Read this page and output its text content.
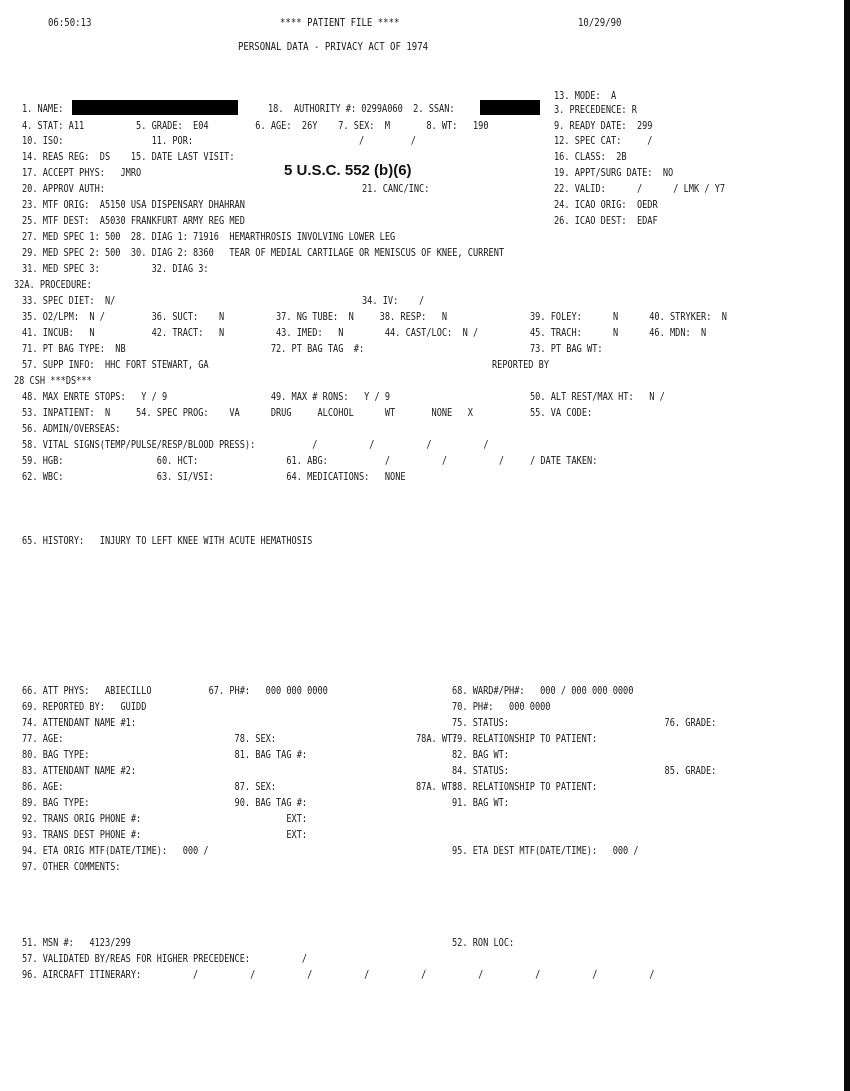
06:50:13	**** PATIENT FILE ****	10/29/90
PERSONAL DATA - PRIVACY ACT OF 1974
13. MODE:  A
1. NAME:	18.  AUTHORITY #: 0299A060  2. SSAN:	3. PRECEDENCE: R
4. STAT: A11          5. GRADE:  E04         6. AGE:  26Y    7. SEX:  M       8. WT:   190	9. READY DATE:  299
10. ISO:                 11. POR:                                /         /	12. SPEC CAT:     /
14. REAS REG:  DS    15. DATE LAST VISIT:	16. CLASS:  2B
17. ACCEPT PHYS:   JMRO	5 U.S.C. 552 (b)(6)	19. APPT/SURG DATE:  NO
20. APPROV AUTH:	21. CANC/INC:	22. VALID:      /      / LMK / Y7
23. MTF ORIG:  A5150 USA DISPENSARY DHAHRAN	24. ICAO ORIG:  OEDR
25. MTF DEST:  A5030 FRANKFURT ARMY REG MED	26. ICAO DEST:  EDAF
27. MED SPEC 1: 500  28. DIAG 1: 71916  HEMARTHROSIS INVOLVING LOWER LEG
29. MED SPEC 2: 500  30. DIAG 2: 8360   TEAR OF MEDIAL CARTILAGE OR MENISCUS OF KNEE, CURRENT
31. MED SPEC 3:          32. DIAG 3:
32A. PROCEDURE:
33. SPEC DIET:  N/	34. IV:    /
35. O2/LPM:  N /         36. SUCT:    N          37. NG TUBE:  N     38. RESP:   N	39. FOLEY:      N      40. STRYKER:  N
41. INCUB:   N           42. TRACT:   N          43. IMED:   N        44. CAST/LOC:  N /	45. TRACH:      N      46. MDN:  N
71. PT BAG TYPE:  NB                            72. PT BAG TAG  #:	73. PT BAG WT:
57. SUPP INFO:  HHC FORT STEWART, GA	REPORTED BY
28 CSH ***DS***
48. MAX ENRTE STOPS:   Y / 9                    49. MAX # RONS:   Y / 9	50. ALT REST/MAX HT:   N /
53. INPATIENT:  N     54. SPEC PROG:    VA      DRUG     ALCOHOL      WT       NONE   X	55. VA CODE:
56. ADMIN/OVERSEAS:
58. VITAL SIGNS(TEMP/PULSE/RESP/BLOOD PRESS):           /          /          /          /
59. HGB:                  60. HCT:                 61. ABG:           /          /          /     / DATE TAKEN:
62. WBC:                  63. SI/VSI:              64. MEDICATIONS:   NONE
65. HISTORY:   INJURY TO LEFT KNEE WITH ACUTE HEMATHOSIS
66. ATT PHYS:   ABIECILLO           67. PH#:   000 000 0000	68. WARD#/PH#:   000 / 000 000 0000
69. REPORTED BY:   GUIDD	70. PH#:   000 0000
74. ATTENDANT NAME #1:	75. STATUS:                              76. GRADE:
77. AGE:                                 78. SEX:                           78A. WT:
79. RELATIONSHIP TO PATIENT:
80. BAG TYPE:                            81. BAG TAG #:	82. BAG WT:
83. ATTENDANT NAME #2:	84. STATUS:                              85. GRADE:
86. AGE:                                 87. SEX:                           87A. WT:
88. RELATIONSHIP TO PATIENT:
89. BAG TYPE:                            90. BAG TAG #:	91. BAG WT:
92. TRANS ORIG PHONE #:                            EXT:
93. TRANS DEST PHONE #:                            EXT:
94. ETA ORIG MTF(DATE/TIME):   000 /	95. ETA DEST MTF(DATE/TIME):   000 /
97. OTHER COMMENTS:
51. MSN #:   4123/299	52. RON LOC:
57. VALIDATED BY/REAS FOR HIGHER PRECEDENCE:          /
96. AIRCRAFT ITINERARY:          /          /          /          /          /          /          /          /          /
